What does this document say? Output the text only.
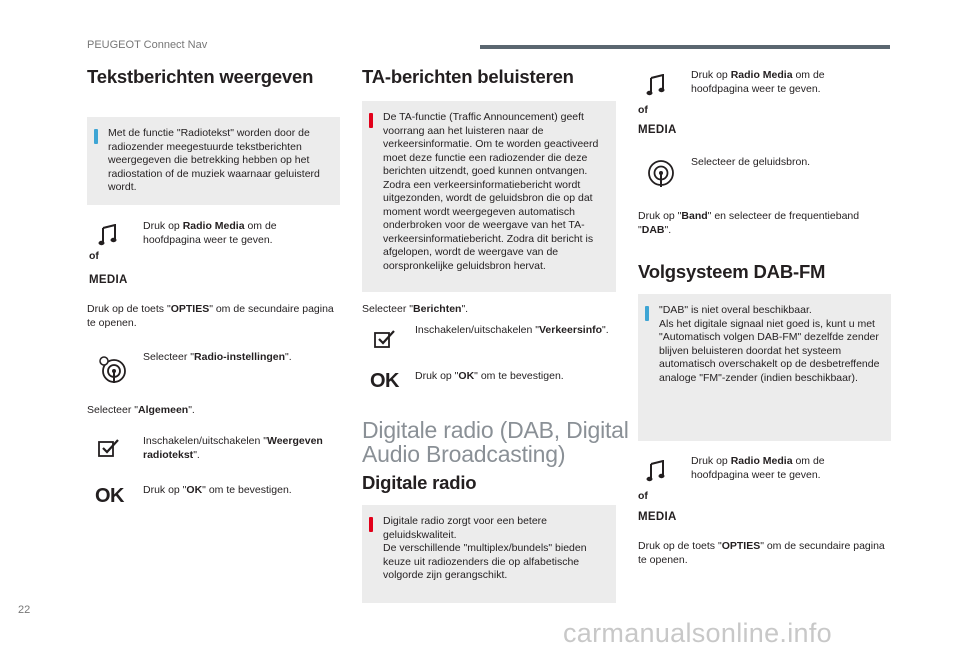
PEUGEOT Connect Nav
Tekstberichten weergeven
Met de functie "Radiotekst" worden door de radiozender meegestuurde tekstberichten weergegeven die betrekking hebben op het radiostation of de muziek waarnaar geluisterd wordt.
Druk op Radio Media om de hoofdpagina weer te geven.
of
MEDIA
Druk op de toets "OPTIES" om de secundaire pagina te openen.
Selecteer "Radio-instellingen".
Selecteer "Algemeen".
Inschakelen/uitschakelen "Weergeven radiotekst".
OK Druk op "OK" om te bevestigen.
TA-berichten beluisteren
De TA-functie (Traffic Announcement) geeft voorrang aan het luisteren naar de verkeersinformatie. Om te worden geactiveerd moet deze functie een radiozender die deze berichten uitzendt, goed kunnen ontvangen. Zodra een verkeersinformatiebericht wordt uitgezonden, wordt de geluidsbron die op dat moment wordt weergegeven automatisch onderbroken voor de weergave van het TA-verkeersinformatiebericht. Zodra dit bericht is afgelopen, wordt de weergave van de oorspronkelijke geluidsbron hervat.
Selecteer "Berichten".
Inschakelen/uitschakelen "Verkeersinfo".
OK Druk op "OK" om te bevestigen.
Digitale radio (DAB, Digital
Audio Broadcasting)
Digitale radio
Digitale radio zorgt voor een betere geluidskwaliteit.
De verschillende "multiplex/bundels" bieden keuze uit radiozenders die op alfabetische volgorde zijn gerangschikt.
Druk op Radio Media om de hoofdpagina weer te geven.
of
MEDIA
Selecteer de geluidsbron.
Druk op "Band" en selecteer de frequentieband "DAB".
Volgsysteem DAB-FM
"DAB" is niet overal beschikbaar.
Als het digitale signaal niet goed is, kunt u met "Automatisch volgen DAB-FM" dezelfde zender blijven beluisteren doordat het systeem automatisch overschakelt op de desbetreffende analoge "FM"-zender (indien beschikbaar).
Druk op Radio Media om de hoofdpagina weer te geven.
of
MEDIA
Druk op de toets "OPTIES" om de secundaire pagina te openen.
22
carmanualsonline.info
